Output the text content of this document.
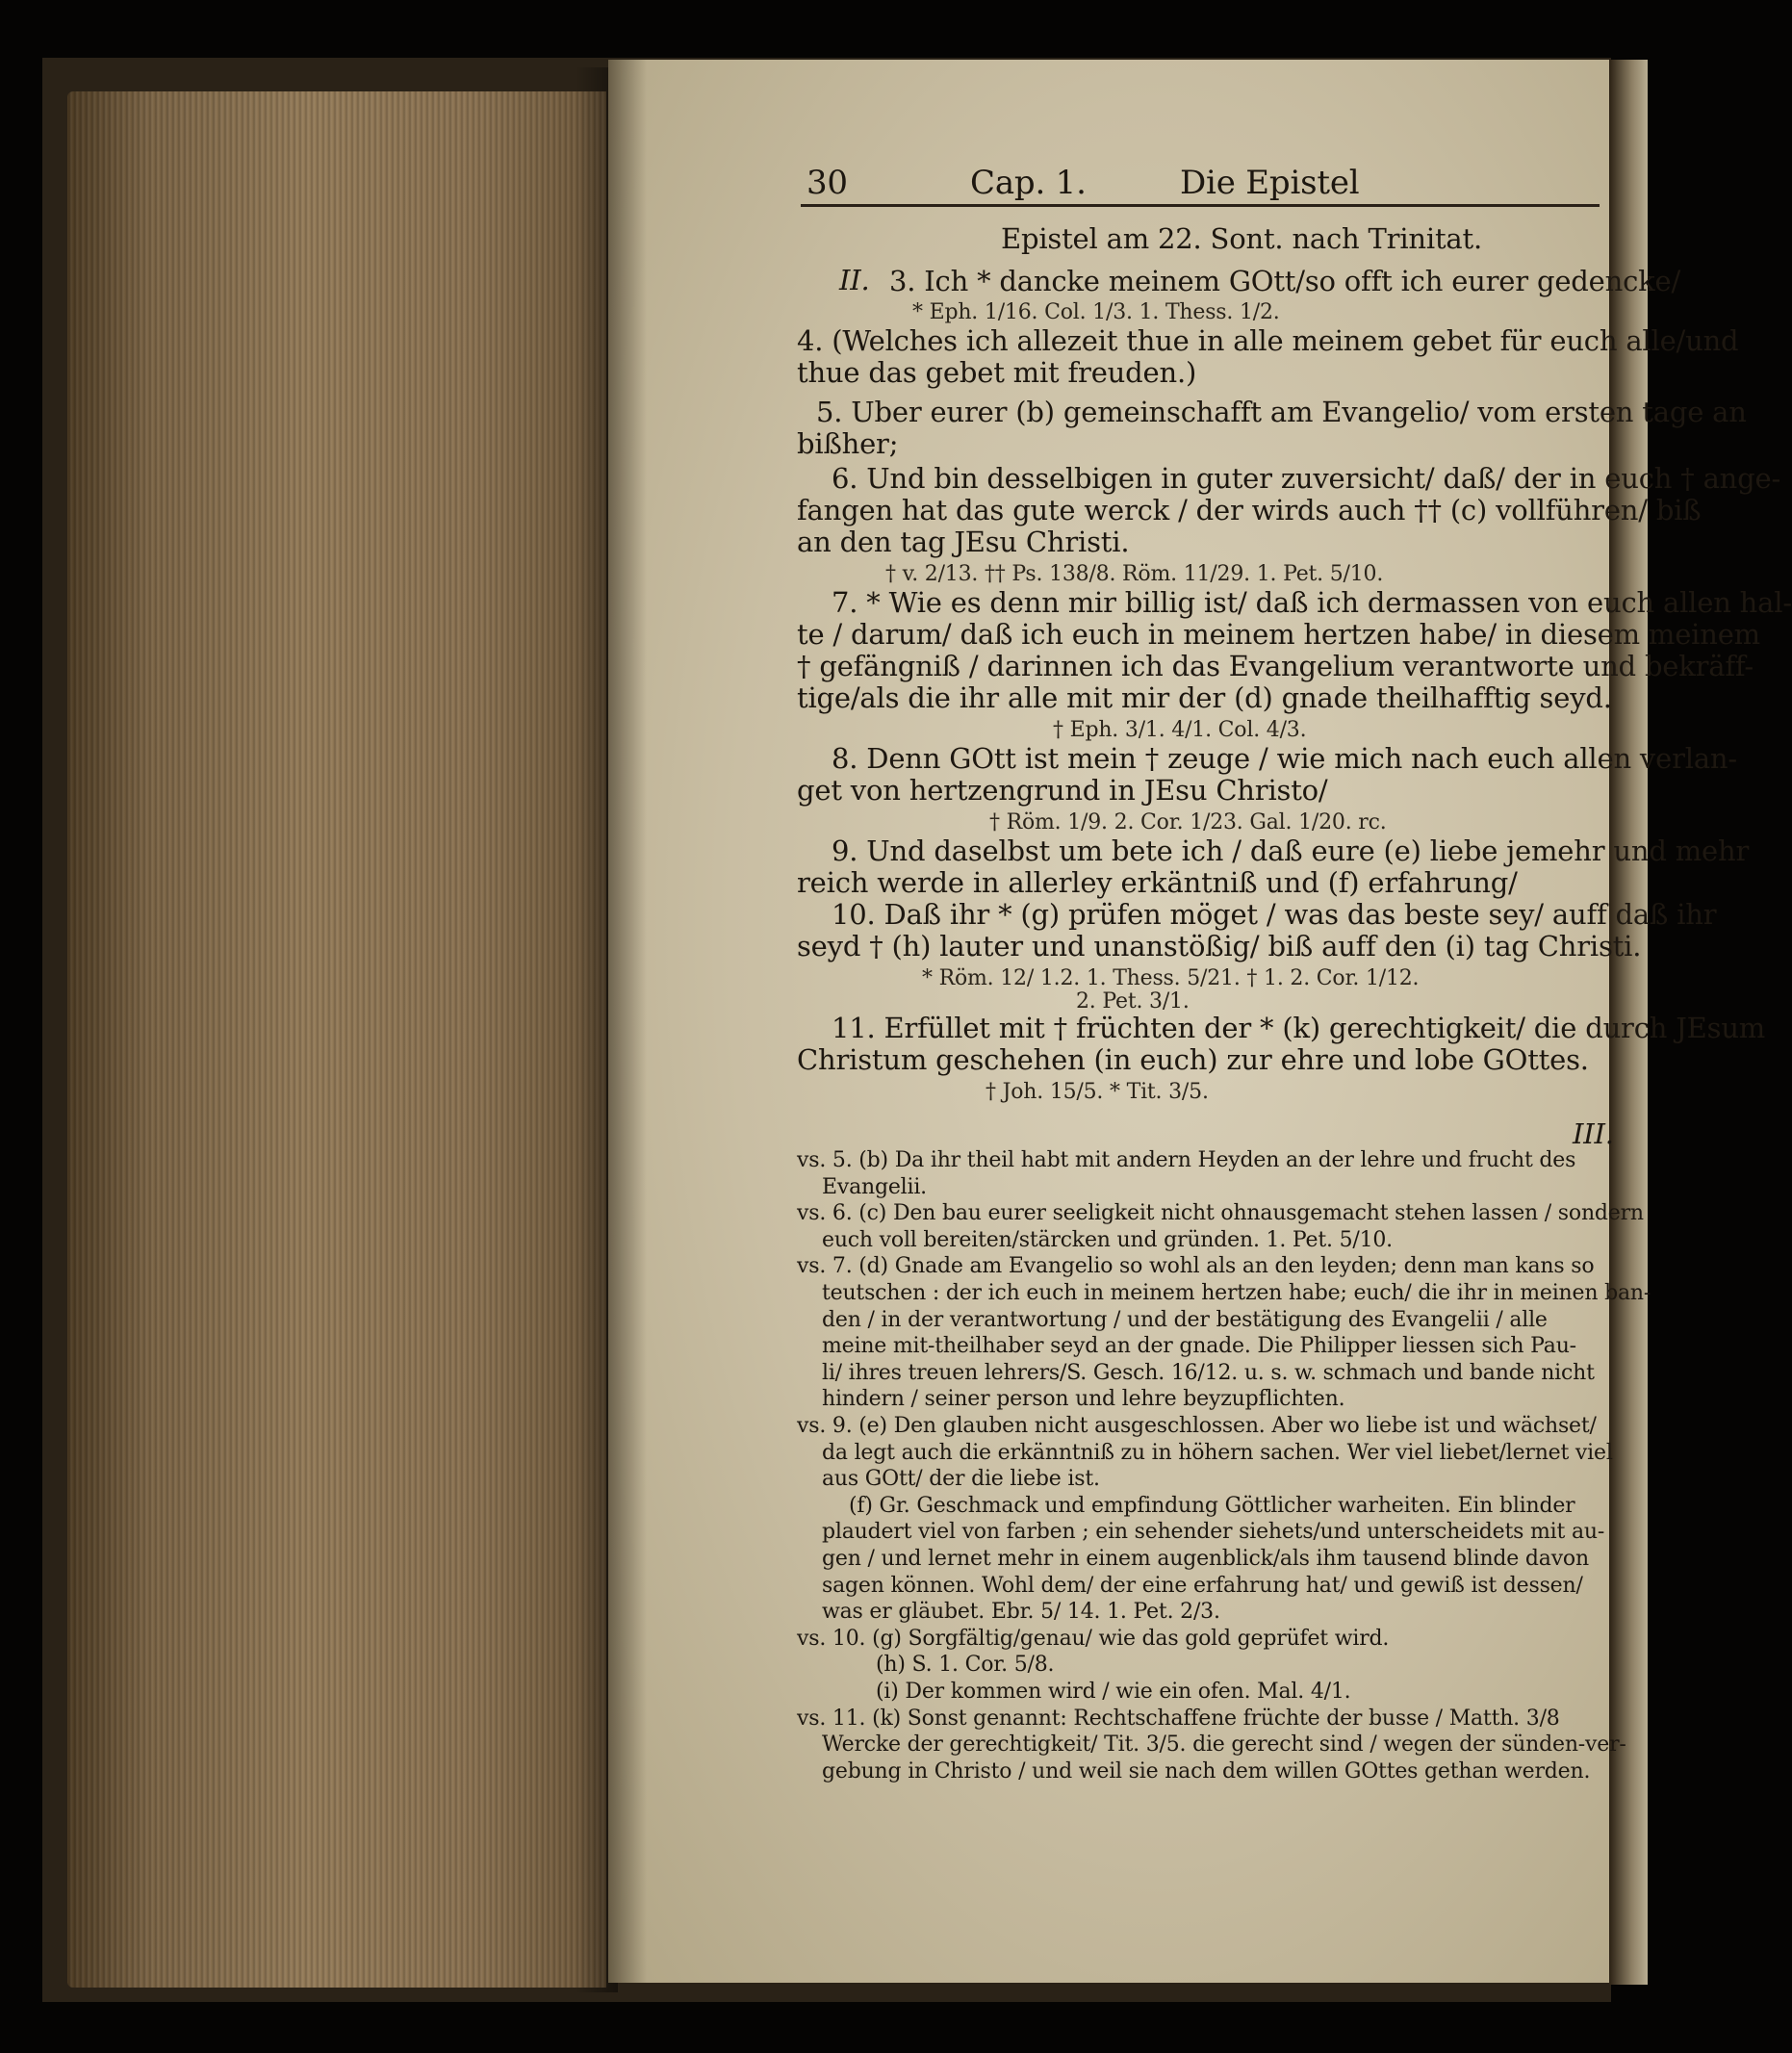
30	Cap. 1.	Die Epistel
Epistel am 22. Sont. nach Trinitat.
II. 3. Ich * dancke meinem GOtt/so offt ich eurer gedencke/
* Eph. 1/16. Col. 1/3. 1. Thess. 1/2.
4. (Welches ich allezeit thue in alle meinem gebet für euch alle/und
thue das gebet mit freuden.)
5. Uber eurer (b) gemeinschafft am Evangelio/ vom ersten tage an
bißher;
6. Und bin desselbigen in guter zuversicht/ daß/ der in euch † ange-
fangen hat das gute werck / der wirds auch †† (c) vollführen/ biß
an den tag JEsu Christi.
† v. 2/13. †† Ps. 138/8. Röm. 11/29. 1. Pet. 5/10.
7. * Wie es denn mir billig ist/ daß ich dermassen von euch allen hal-
te / darum/ daß ich euch in meinem hertzen habe/ in diesem meinem
† gefängniß / darinnen ich das Evangelium verantworte und bekräff-
tige/als die ihr alle mit mir der (d) gnade theilhafftig seyd.
† Eph. 3/1. 4/1. Col. 4/3.
8. Denn GOtt ist mein † zeuge / wie mich nach euch allen verlan-
get von hertzengrund in JEsu Christo/
† Röm. 1/9. 2. Cor. 1/23. Gal. 1/20. rc.
9. Und daselbst um bete ich / daß eure (e) liebe jemehr und mehr
reich werde in allerley erkäntniß und (f) erfahrung/
10. Daß ihr * (g) prüfen möget / was das beste sey/ auff daß ihr
seyd † (h) lauter und unanstößig/ biß auff den (i) tag Christi.
* Röm. 12/ 1.2. 1. Thess. 5/21. † 1. 2. Cor. 1/12.
2. Pet. 3/1.
11. Erfüllet mit † früchten der * (k) gerechtigkeit/ die durch JEsum
Christum geschehen (in euch) zur ehre und lobe GOttes.
† Joh. 15/5. * Tit. 3/5.
III.
vs. 5. (b) Da ihr theil habt mit andern Heyden an der lehre und frucht des
Evangelii.
vs. 6. (c) Den bau eurer seeligkeit nicht ohnausgemacht stehen lassen / sondern
euch voll bereiten/stärcken und gründen. 1. Pet. 5/10.
vs. 7. (d) Gnade am Evangelio so wohl als an den leyden; denn man kans so
teutschen : der ich euch in meinem hertzen habe; euch/ die ihr in meinen ban-
den / in der verantwortung / und der bestätigung des Evangelii / alle
meine mit-theilhaber seyd an der gnade. Die Philipper liessen sich Pau-
li/ ihres treuen lehrers/S. Gesch. 16/12. u. s. w. schmach und bande nicht
hindern / seiner person und lehre beyzupflichten.
vs. 9. (e) Den glauben nicht ausgeschlossen. Aber wo liebe ist und wächset/
da legt auch die erkänntniß zu in höhern sachen. Wer viel liebet/lernet viel
aus GOtt/ der die liebe ist.
(f) Gr. Geschmack und empfindung Göttlicher warheiten. Ein blinder
plaudert viel von farben ; ein sehender siehets/und unterscheidets mit au-
gen / und lernet mehr in einem augenblick/als ihm tausend blinde davon
sagen können. Wohl dem/ der eine erfahrung hat/ und gewiß ist dessen/
was er gläubet. Ebr. 5/ 14. 1. Pet. 2/3.
vs. 10. (g) Sorgfältig/genau/ wie das gold geprüfet wird.
(h) S. 1. Cor. 5/8.
(i) Der kommen wird / wie ein ofen. Mal. 4/1.
vs. 11. (k) Sonst genannt: Rechtschaffene früchte der busse / Matth. 3/8
Wercke der gerechtigkeit/ Tit. 3/5. die gerecht sind / wegen der sünden-ver-
gebung in Christo / und weil sie nach dem willen GOttes gethan werden.
